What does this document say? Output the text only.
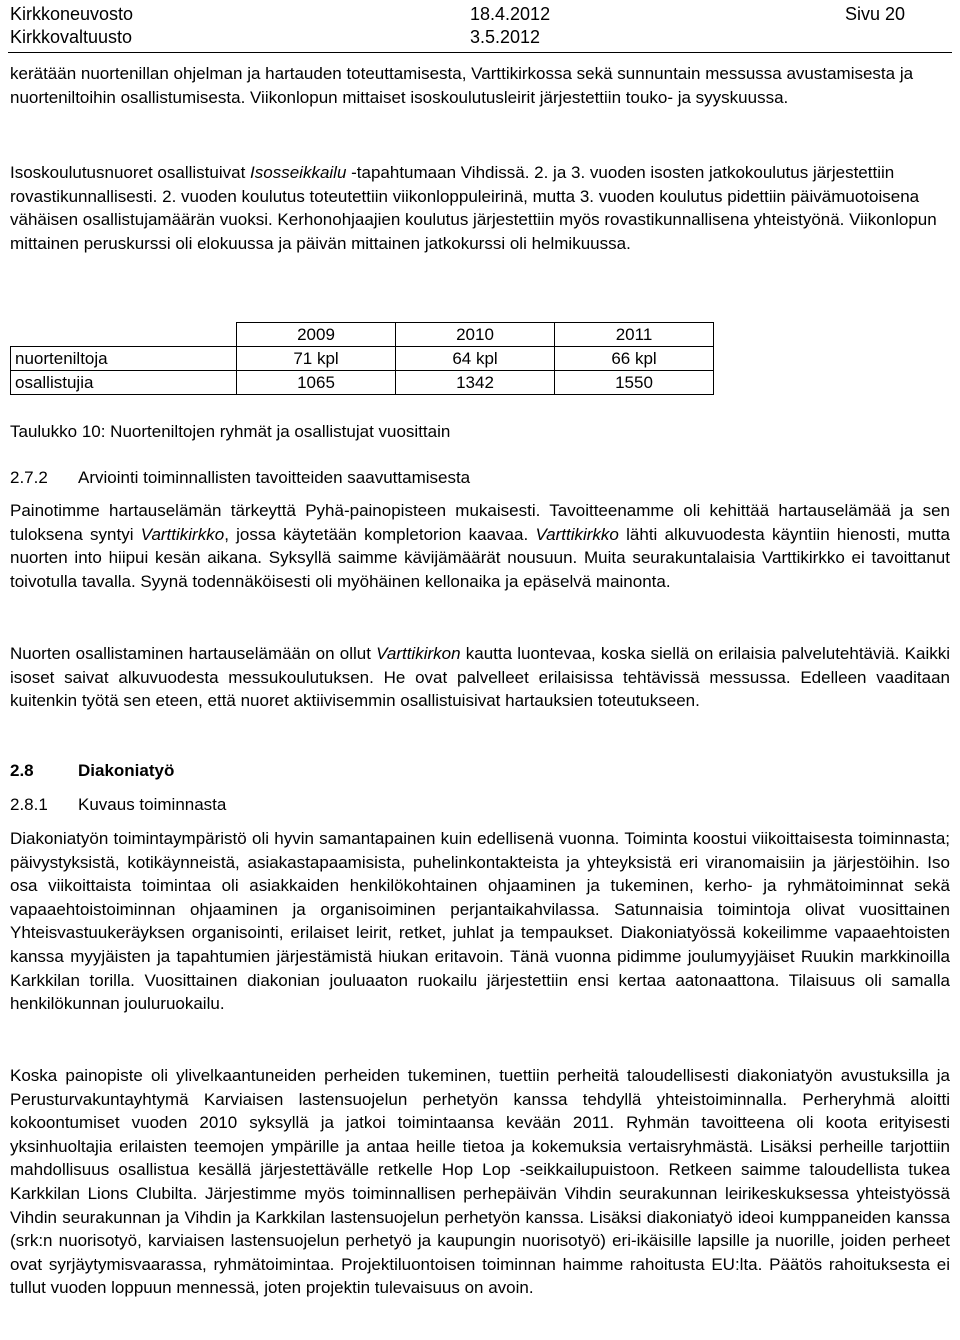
Kirkkoneuvosto	18.4.2012	Sivu 20
Kirkkovaltuusto	3.5.2012

kerätään nuortenillan ohjelman ja hartauden toteuttamisesta, Varttikirkossa sekä sunnuntain messussa avustamisesta ja nuorteniltoihin osallistumisesta. Viikonlopun mittaiset isoskoulutusleirit järjestettiin touko- ja syyskuussa.

Isoskoulutusnuoret osallistuivat Isosseikkailu -tapahtumaan Vihdissä. 2. ja 3. vuoden isosten jatkokoulutus järjestettiin rovastikunnallisesti. 2. vuoden koulutus toteutettiin viikonloppuleirinä, mutta 3. vuoden koulutus pidettiin päivämuotoisena vähäisen osallistujamäärän vuoksi. Kerhonohjaajien koulutus järjestettiin myös rovastikunnallisena yhteistyönä. Viikonlopun mittainen peruskurssi oli elokuussa ja päivän mittainen jatkokurssi oli helmikuussa.

	2009	2010	2011
nuorteniltoja	71 kpl	64 kpl	66 kpl
osallistujia	1065	1342	1550
Taulukko 10: Nuorteniltojen ryhmät ja osallistujat vuosittain
2.7.2 Arviointi toiminnallisten tavoitteiden saavuttamisesta

Painotimme hartauselämän tärkeyttä Pyhä-painopisteen mukaisesti. Tavoitteenamme oli kehittää hartauselämää ja sen tuloksena syntyi Varttikirkko, jossa käytetään kompletorion kaavaa. Varttikirkko lähti alkuvuodesta käyntiin hienosti, mutta nuorten into hiipui kesän aikana. Syksyllä saimme kävijämäärät nousuun. Muita seurakuntalaisia Varttikirkko ei tavoittanut toivotulla tavalla. Syynä todennäköisesti oli myöhäinen kellonaika ja epäselvä mainonta.

Nuorten osallistaminen hartauselämään on ollut Varttikirkon kautta luontevaa, koska siellä on erilaisia palvelutehtäviä. Kaikki isoset saivat alkuvuodesta messukoulutuksen. He ovat palvelleet erilaisissa tehtävissä messussa. Edelleen vaaditaan kuitenkin työtä sen eteen, että nuoret aktiivisemmin osallistuisivat hartauksien toteutukseen.

2.8	Diakoniatyö
2.8.1 Kuvaus toiminnasta

Diakoniatyön toimintaympäristö oli hyvin samantapainen kuin edellisenä vuonna. Toiminta koostui viikoittaisesta toiminnasta; päivystyksistä, kotikäynneistä, asiakastapaamisista, puhelinkontakteista ja yhteyksistä eri viranomaisiin ja järjestöihin. Iso osa viikoittaista toimintaa oli asiakkaiden henkilökohtainen ohjaaminen ja tukeminen, kerho- ja ryhmätoiminnat sekä vapaaehtoistoiminnan ohjaaminen ja organisoiminen perjantaikahvilassa. Satunnaisia toimintoja olivat vuosittainen Yhteisvastuukeräyksen organisointi, erilaiset leirit, retket, juhlat ja tempaukset. Diakoniatyössä kokeilimme vapaaehtoisten kanssa myyjäisten ja tapahtumien järjestämistä hiukan eritavoin. Tänä vuonna pidimme joulumyyjäiset Ruukin markkinoilla Karkkilan torilla. Vuosittainen diakonian jouluaaton ruokailu järjestettiin ensi kertaa aatonaattona. Tilaisuus oli samalla henkilökunnan jouluruokailu.

Koska painopiste oli ylivelkaantuneiden perheiden tukeminen, tuettiin perheitä taloudellisesti diakoniatyön avustuksilla ja Perusturvakuntayhtymä Karviaisen lastensuojelun perhetyön kanssa tehdyllä yhteistoiminnalla. Perheryhmä aloitti kokoontumiset vuoden 2010 syksyllä ja jatkoi toimintaansa kevään 2011. Ryhmän tavoitteena oli koota erityisesti yksinhuoltajia erilaisten teemojen ympärille ja antaa heille tietoa ja kokemuksia vertaisryhmästä. Lisäksi perheille tarjottiin mahdollisuus osallistua kesällä järjestettävälle retkelle Hop Lop -seikkailupuistoon. Retkeen saimme taloudellista tukea Karkkilan Lions Clubilta. Järjestimme myös toiminnallisen perhepäivän Vihdin seurakunnan leirikeskuksessa yhteistyössä Vihdin seurakunnan ja Vihdin ja Karkkilan lastensuojelun perhetyön kanssa. Lisäksi diakoniatyö ideoi kumppaneiden kanssa (srk:n nuorisotyö, karviaisen lastensuojelun perhetyö ja kaupungin nuorisotyö) eri-ikäisille lapsille ja nuorille, joiden perheet ovat syrjäytymisvaarassa, ryhmätoimintaa. Projektiluontoisen toiminnan haimme rahoitusta EU:lta. Päätös rahoituksesta ei tullut vuoden loppuun mennessä, joten projektin tulevaisuus on avoin.
